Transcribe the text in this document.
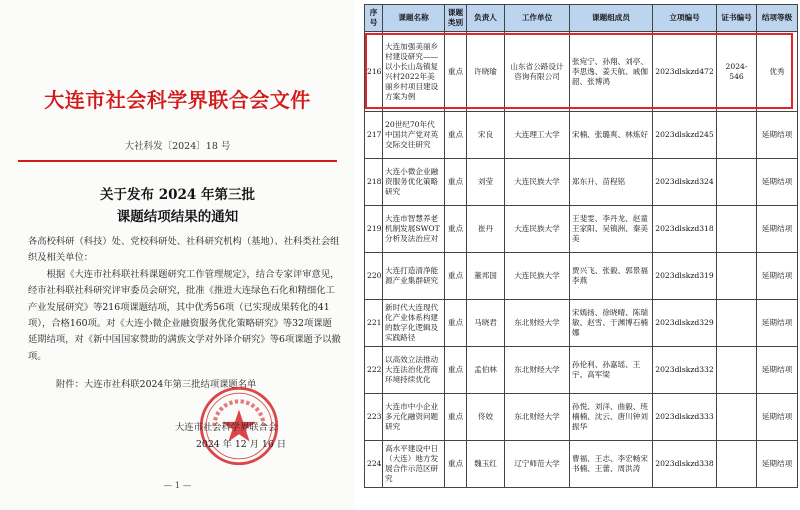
大连市社会科学界联合会文件
大社科发〔2024〕18 号
关于发布 2024 年第三批
课题结项结果的通知

各高校科研（科技）处、党校科研处、社科研究机构（基地）、社科类社会组织及相关单位：

根据《大连市社科联社科课题研究工作管理规定》，结合专家评审意见，经市社科联社科研究评审委员会研究，批准《推进大连绿色石化和精细化工产业发展研究》等216项课题结项，其中优秀56项（已实现成果转化的41项），合格160项。对《大连小微企业融资服务优化策略研究》等32项课题延期结项，对《新中国国家赞助的满族文学对外译介研究》等6项课题予以撤项。

附件：大连市社科联2024年第三批结项课题名单
大连市社会科学界联合会
2024 年 12 月 16 日
— 1 —
序号	课题名称	课题类别	负责人	工作单位	课题组成员	立项编号	证书编号	结项等级
216	大连加强美丽乡村建设研究——以小长山岛镇复兴村2022年美丽乡村项目建设方案为例	重点	许晓瑜	山东省公路设计咨询有限公司	张宛宁、孙翔、刘亭、李思逸、姜天航、戚伽韶、张博鸿	2023dlskzd472	2024-546	优秀
217	20世纪70年代中国共产党对英交际交往研究	重点	宋良	大连理工大学	宋楠、张璐爽、林炼好	2023dlskzd245		延期结项
218	大连小微企业融资服务优化策略研究	重点	刘莹	大连民族大学	郑东升、苗程铭	2023dlskzd324		延期结项
219	大连市智慧养老机制发展SWOT分析及法治应对	重点	崔丹	大连民族大学	王斐雯、李丹龙、赵童王家阳、吴镇洲、秦美美	2023dlskzd318		延期结项
220	大连打造清净能源产业集群研究	重点	董邦国	大连民族大学	贾兴飞、张毅、郭景福李燕	2023dlskzd319		延期结项
221	新时代大连现代化产业体系构建的数字化逻辑及实践路径	重点	马晓君	东北财经大学	宋嫣扬、徐晓晴、陈瑞敏、赵雪、于渊博石楠娜	2023dlskzd329		延期结项
222	以高效立法推动大连法治化营商环境持续优化	重点	孟伯林	东北财经大学	孙伦利、孙嘉瑶、王宇、高军梁	2023dlskzd332		延期结项
223	大连市中小企业多元化融资问题研究	重点	佟姣	东北财经大学	孙悦、刘洋、曲毅、班楠楠、沈云、唐川钟刘振华	2023dlskzd333		延期结项
224	高水平建设中日（大连）地方发展合作示范区研究	重点	魏玉红	辽宁师范大学	曹福、王志、李宏畅宋书楠、王蕾、周洪涛	2023dlskzd338		延期结项
